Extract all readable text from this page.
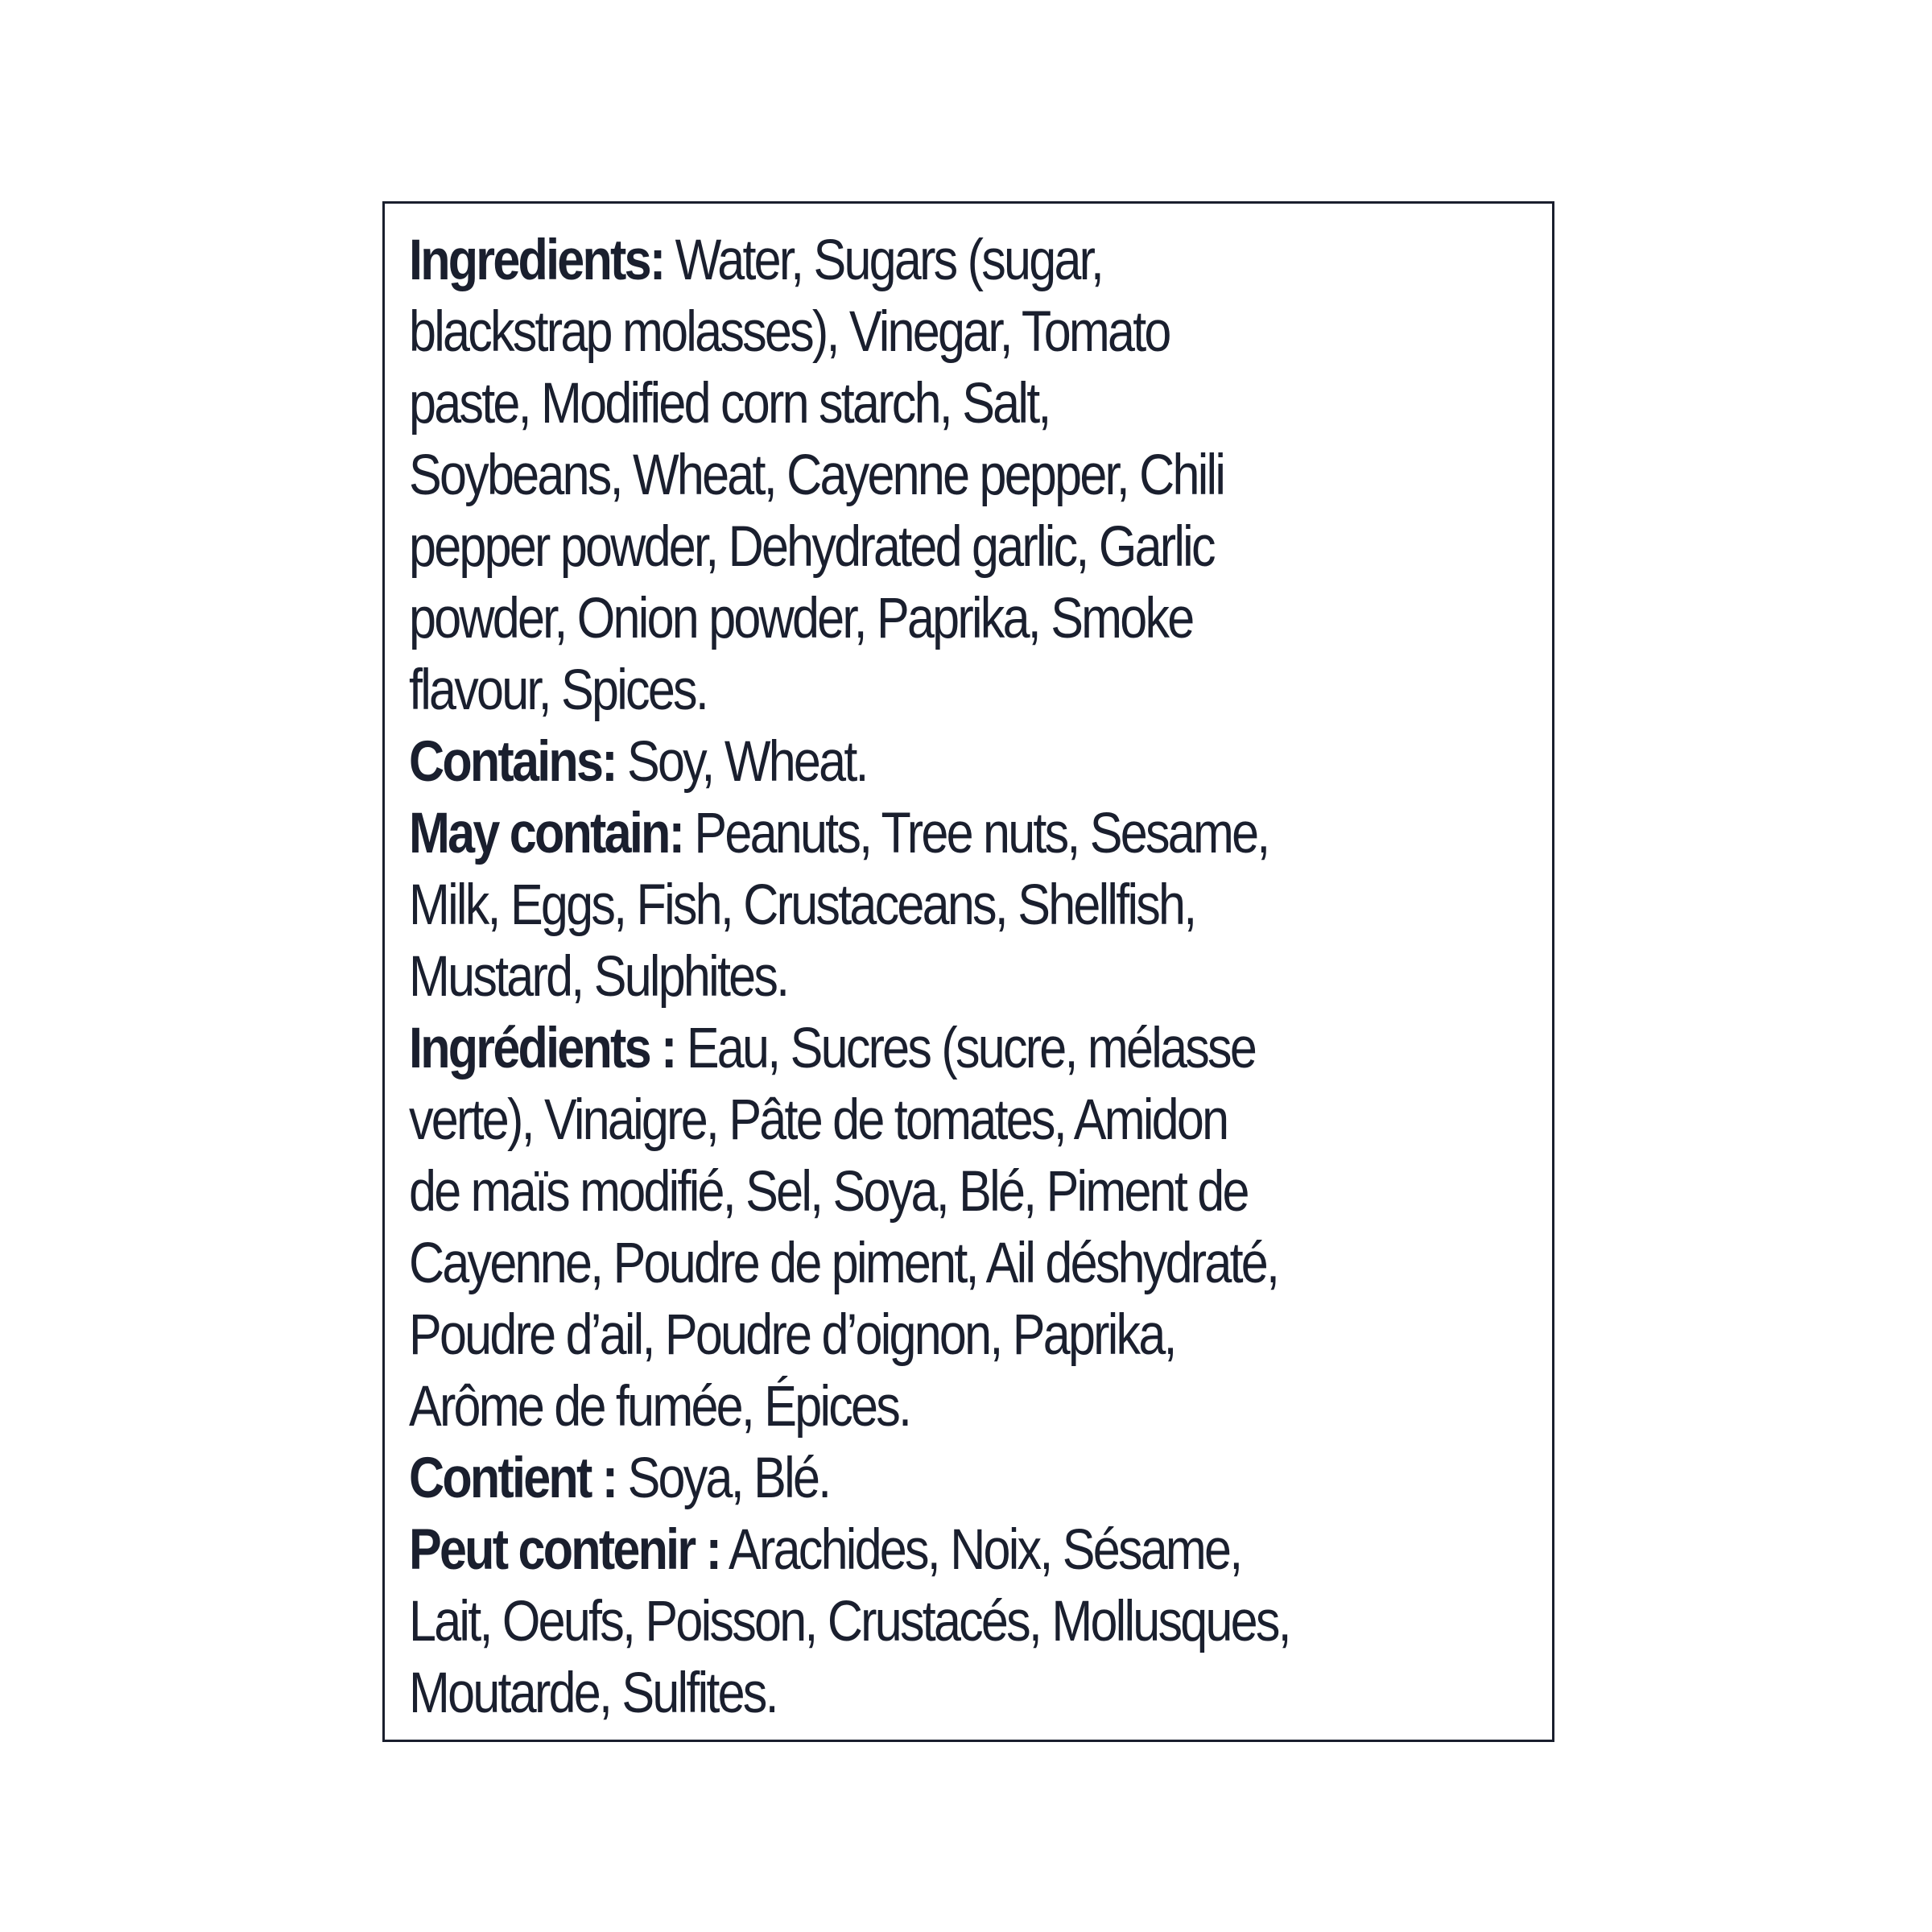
Ingredients: Water, Sugars (sugar,
blackstrap molasses), Vinegar, Tomato
paste, Modified corn starch, Salt,
Soybeans, Wheat, Cayenne pepper, Chili
pepper powder, Dehydrated garlic, Garlic
powder, Onion powder, Paprika, Smoke
flavour, Spices.

Contains: Soy, Wheat.

May contain: Peanuts, Tree nuts, Sesame,
Milk, Eggs, Fish, Crustaceans, Shellfish,
Mustard, Sulphites.

Ingrédients : Eau, Sucres (sucre, mélasse
verte), Vinaigre, Pâte de tomates, Amidon
de maïs modifié, Sel, Soya, Blé, Piment de
Cayenne, Poudre de piment, Ail déshydraté,
Poudre d’ail, Poudre d’oignon, Paprika,
Arôme de fumée, Épices.

Contient : Soya, Blé.

Peut contenir : Arachides, Noix, Sésame,
Lait, Oeufs, Poisson, Crustacés, Mollusques,
Moutarde, Sulfites.
